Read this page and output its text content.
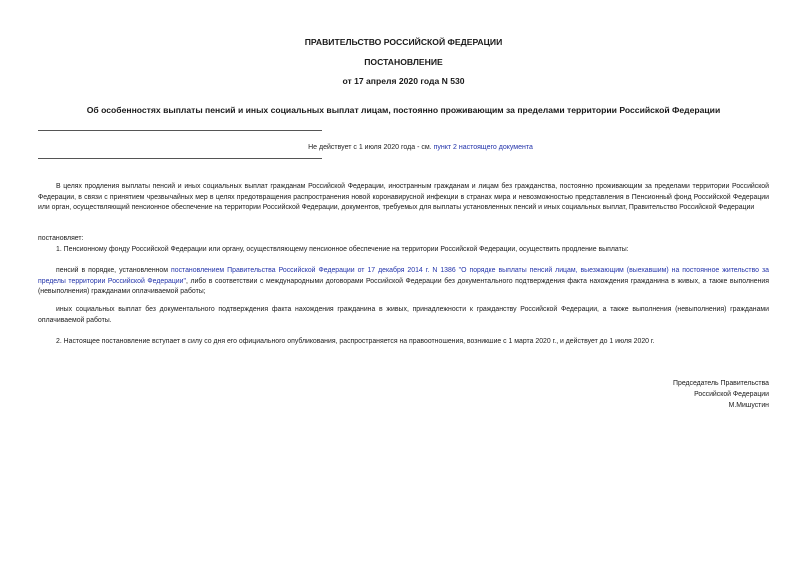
ПРАВИТЕЛЬСТВО РОССИЙСКОЙ ФЕДЕРАЦИИ
ПОСТАНОВЛЕНИЕ
от 17 апреля 2020 года N 530
Об особенностях выплаты пенсий и иных социальных выплат лицам, постоянно проживающим за пределами территории Российской Федерации
Не действует с 1 июля 2020 года - см. пункт 2 настоящего документа
В целях продления выплаты пенсий и иных социальных выплат гражданам Российской Федерации, иностранным гражданам и лицам без гражданства, постоянно проживающим за пределами территории Российской Федерации, в связи с принятием чрезвычайных мер в целях предотвращения распространения новой коронавирусной инфекции в странах мира и невозможностью представления в Пенсионный фонд Российской Федерации или орган, осуществляющий пенсионное обеспечение на территории Российской Федерации, документов, требуемых для выплаты установленных пенсий и иных социальных выплат, Правительство Российской Федерации
постановляет:
1. Пенсионному фонду Российской Федерации или органу, осуществляющему пенсионное обеспечение на территории Российской Федерации, осуществить продление выплаты:
пенсий в порядке, установленном постановлением Правительства Российской Федерации от 17 декабря 2014 г. N 1386 "О порядке выплаты пенсий лицам, выезжающим (выехавшим) на постоянное жительство за пределы территории Российской Федерации", либо в соответствии с международными договорами Российской Федерации без документального подтверждения факта нахождения гражданина в живых, а также выполнения (невыполнения) гражданами оплачиваемой работы;
иных социальных выплат без документального подтверждения факта нахождения гражданина в живых, принадлежности к гражданству Российской Федерации, а также выполнения (невыполнения) гражданами оплачиваемой работы.
2. Настоящее постановление вступает в силу со дня его официального опубликования, распространяется на правоотношения, возникшие с 1 марта 2020 г., и действует до 1 июля 2020 г.
Председатель Правительства
Российской Федерации
М.Мишустин
